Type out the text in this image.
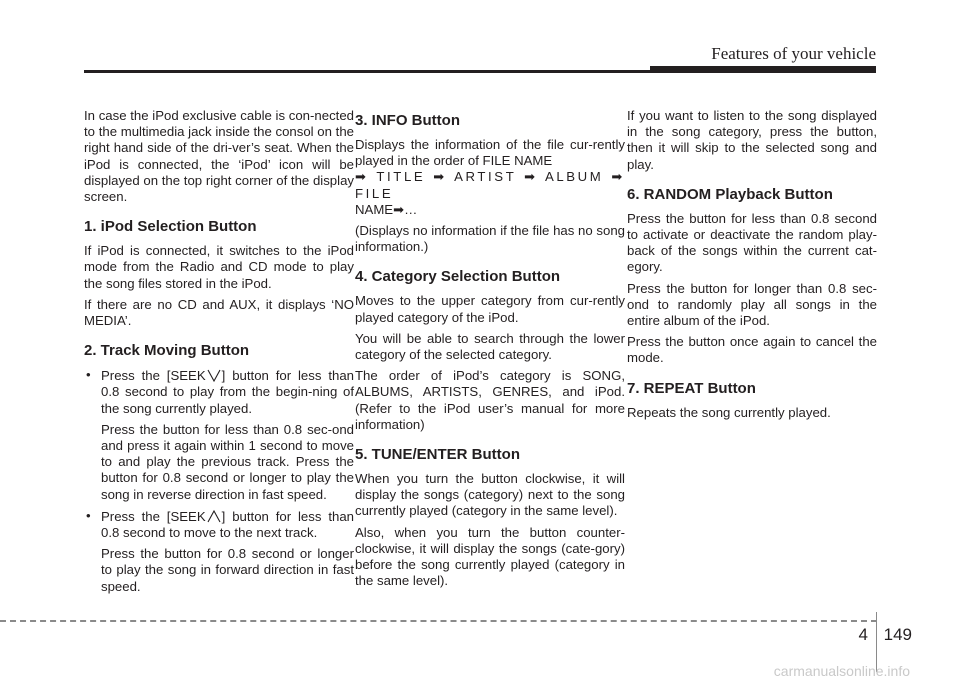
Features of your vehicle

In case the iPod exclusive cable is con-nected to the multimedia jack inside the consol on the right hand side of the dri-ver’s seat. When the iPod is connected, the ‘iPod’ icon will be displayed on the top right corner of the display screen.

1. iPod Selection Button

If iPod is connected, it switches to the iPod mode from the Radio and CD mode to play the song files stored in the iPod.

If there are no CD and AUX, it displays ‘NO MEDIA’.

2. Track Moving Button
• Press the [SEEK ] button for less than 0.8 second to play from the begin-ning of the song currently played.
Press the button for less than 0.8 sec-ond and press it again within 1 second to move to and play the previous track. Press the button for 0.8 second or longer to play the song in reverse direction in fast speed.
• Press the [SEEK ] button for less than 0.8 second to move to the next track.
Press the button for 0.8 second or longer to play the song in forward direction in fast speed.
3. INFO Button

Displays the information of the file cur-rently played in the order of FILE NAME
➡ TITLE ➡ ARTIST ➡ ALBUM ➡ FILE
NAME➡…

(Displays no information if the file has no song information.)

4. Category Selection Button

Moves to the upper category from cur-rently played category of the iPod.

You will be able to search through the lower category of the selected category.

The order of iPod’s category is SONG, ALBUMS, ARTISTS, GENRES, and iPod. (Refer to the iPod user’s manual for more information)

5. TUNE/ENTER Button

When you turn the button clockwise, it will display the songs (category) next to the song currently played (category in the same level).

Also, when you turn the button counter-clockwise, it will display the songs (cate-gory) before the song currently played (category in the same level).

If you want to listen to the song displayed in the song category, press the button, then it will skip to the selected song and play.

6. RANDOM Playback Button

Press the button for less than 0.8 second to activate or deactivate the random play-back of the songs within the current cat-egory.

Press the button for longer than 0.8 sec-ond to randomly play all songs in the entire album of the iPod.

Press the button once again to cancel the mode.

7. REPEAT Button

Repeats the song currently played.

4 149
carmanualsonline.info
